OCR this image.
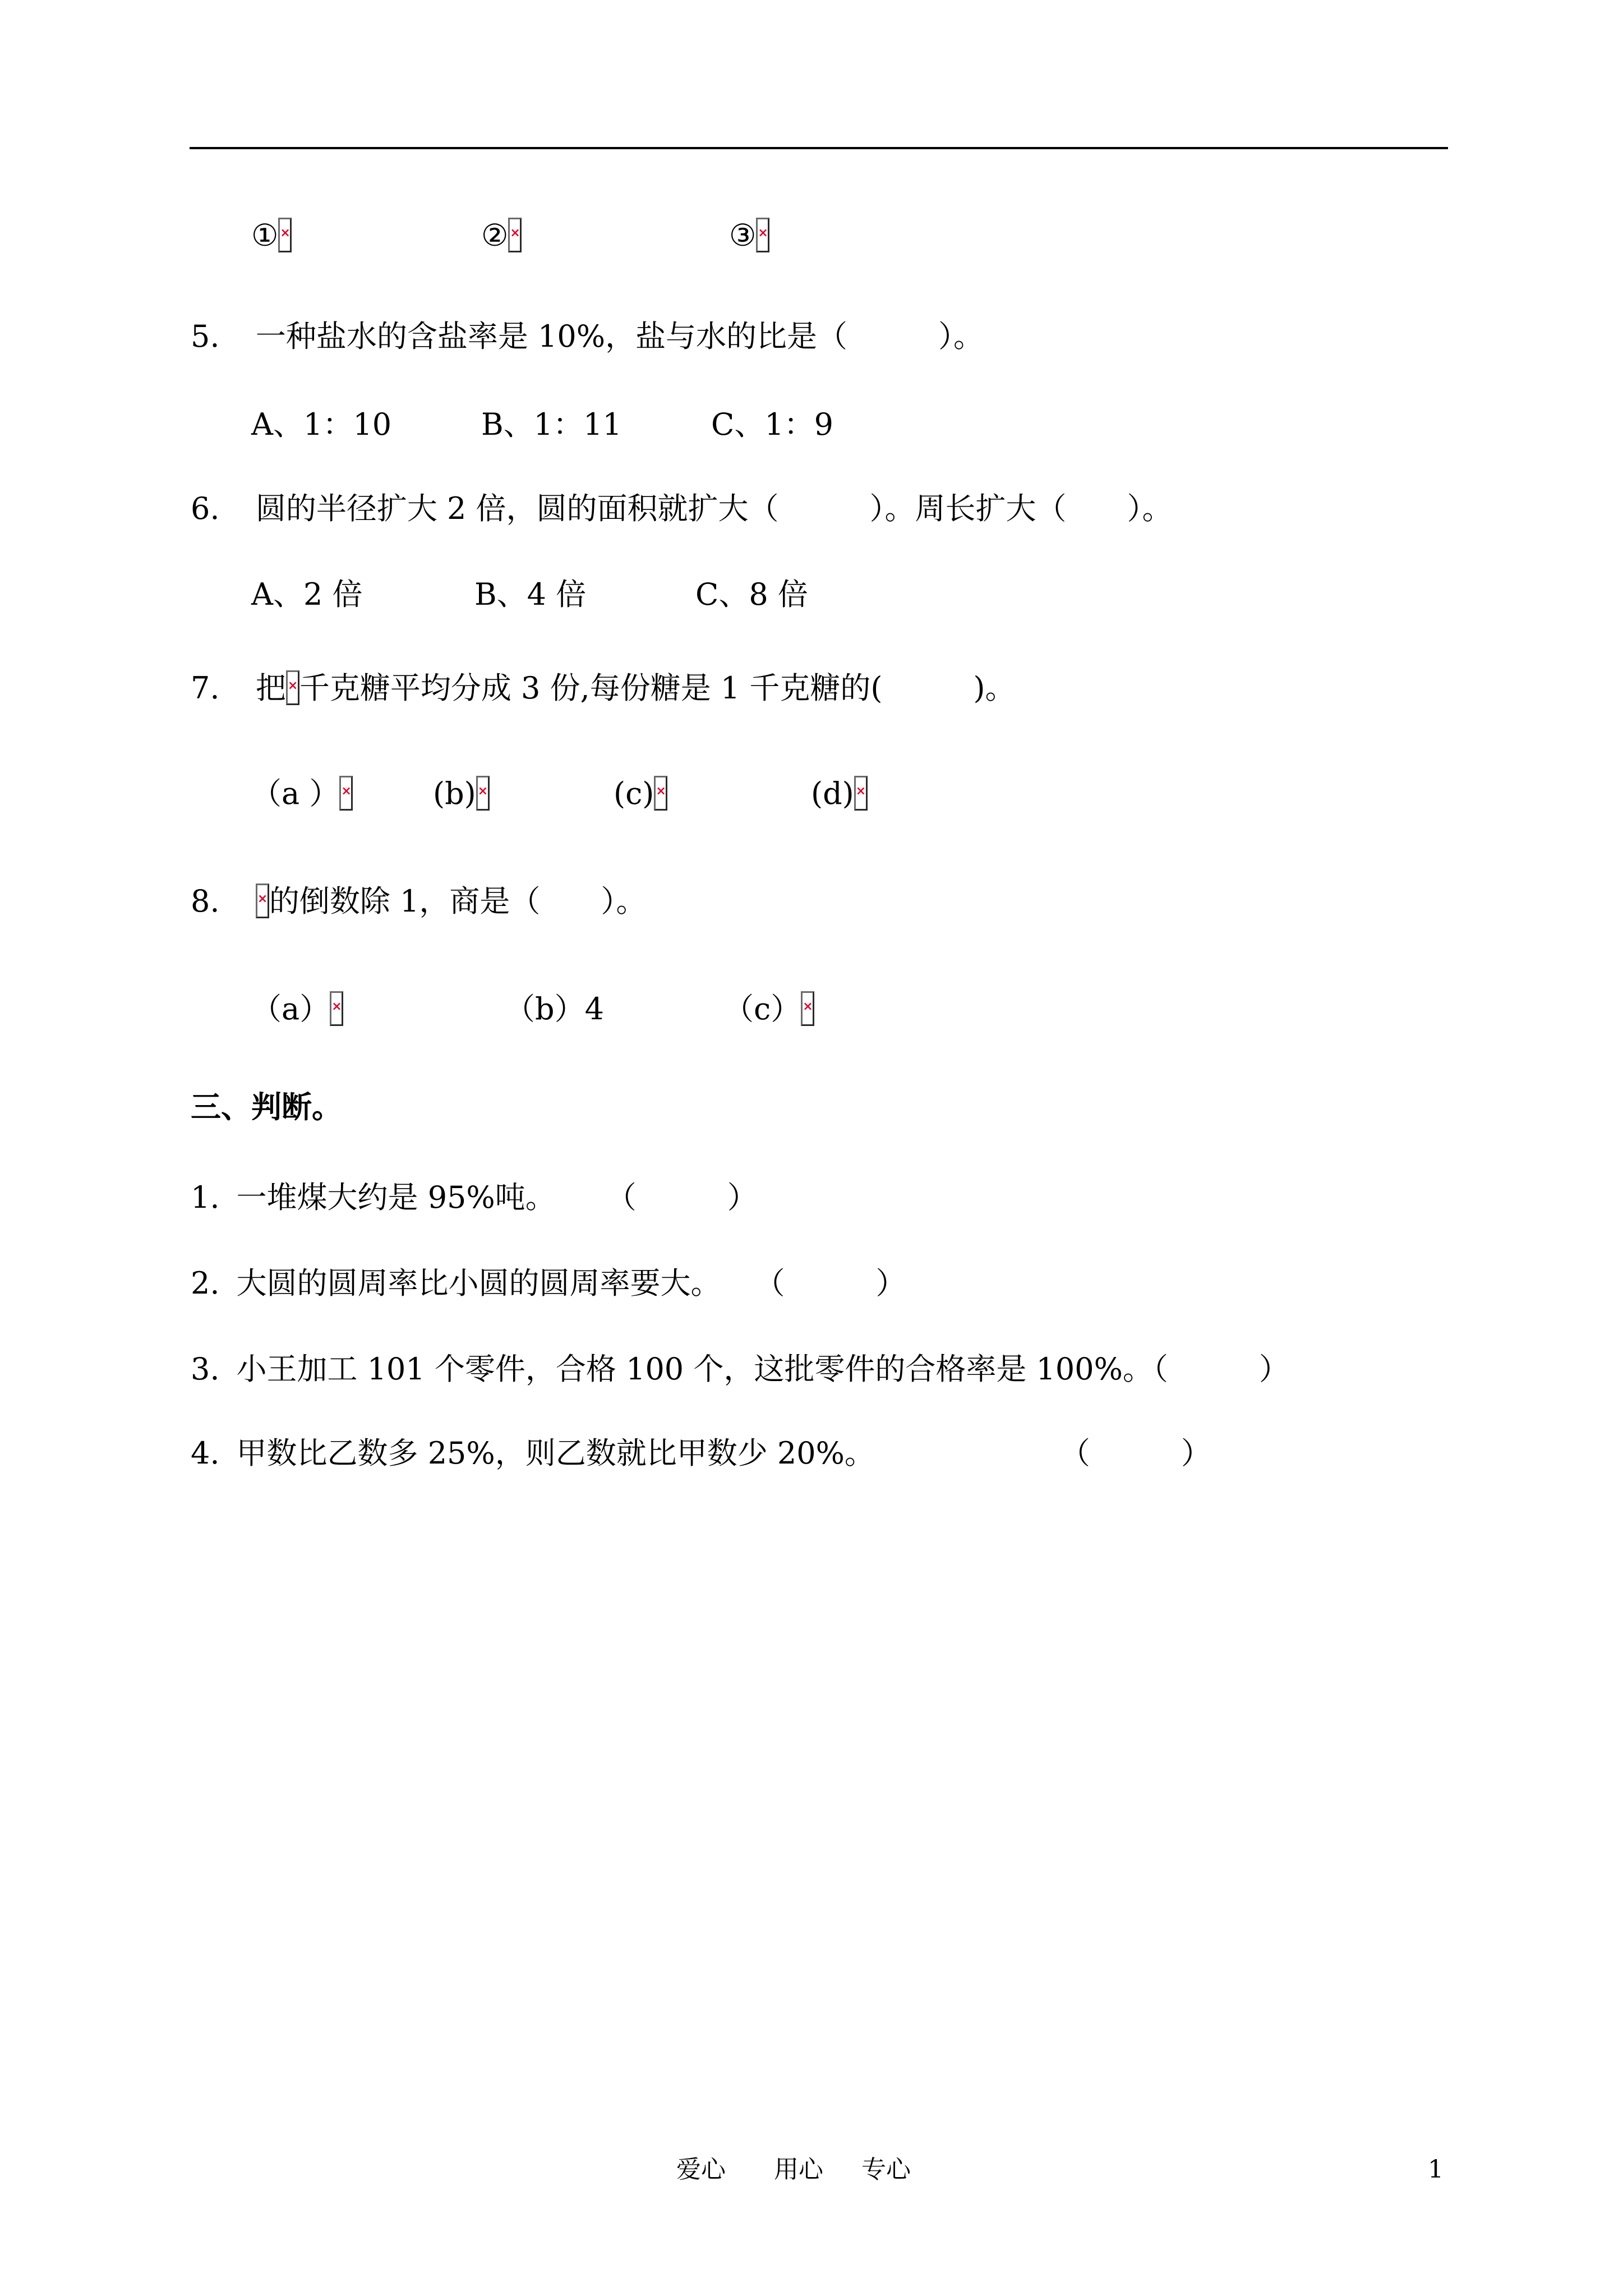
① ×	② ×	③×
5. 一种盐水的含盐率是 10%，盐与水的比是（　　　）。
A、1：10	B、1：11	C、1：9
6. 圆的半径扩大 2 倍，圆的面积就扩大（　　　）。周长扩大（　　）。
A、2 倍	B、4 倍	C、8 倍
7. 把 × 千克糖平均分成 3 份,每份糖是 1 千克糖的(　　　)。
（a ） ×	(b) ×	(c) ×	(d)×
8. × 的倒数除 1，商是（　　）。
（a） ×	（b）4	（c）×
三、判断。
1. 一堆煤大约是 95%吨。 （　　　）
2. 大圆的圆周率比小圆的圆周率要大。 （　　　）
3. 小王加工 101 个零件，合格 100 个，这批零件的合格率是 100%。（　　　）
4. 甲数比乙数多 25%，则乙数就比甲数少 20%。	（　　　）
爱心 用心 专心	1
